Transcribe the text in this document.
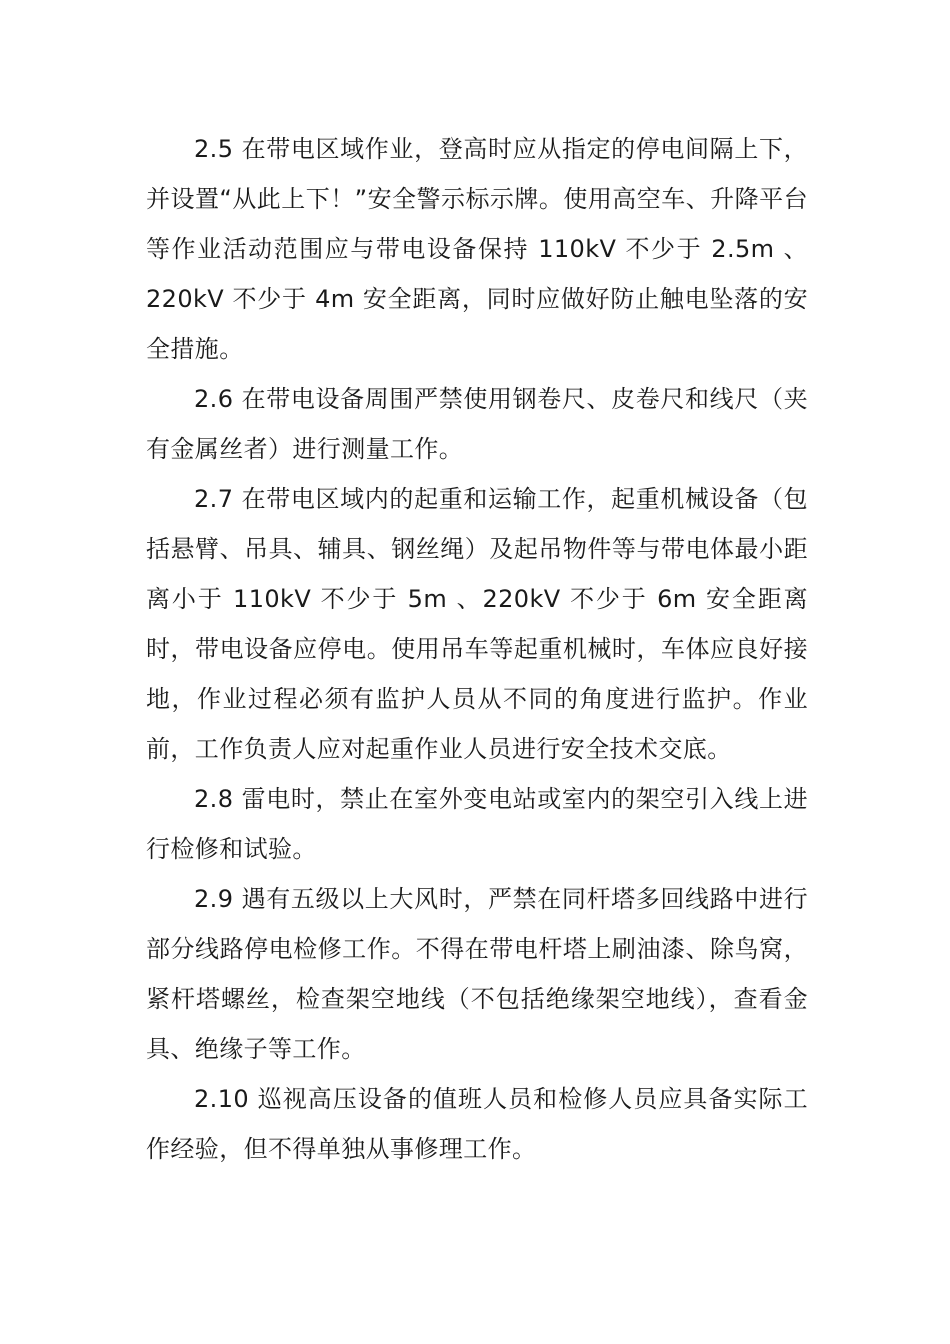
2.5 在带电区域作业，登高时应从指定的停电间隔上下，并设置“从此上下！”安全警示标示牌。使用高空车、升降平台等作业活动范围应与带电设备保持 110kV 不少于 2.5m 、220kV 不少于 4m 安全距离，同时应做好防止触电坠落的安全措施。

2.6 在带电设备周围严禁使用钢卷尺、皮卷尺和线尺（夹有金属丝者）进行测量工作。

2.7 在带电区域内的起重和运输工作，起重机械设备（包括悬臂、吊具、辅具、钢丝绳）及起吊物件等与带电体最小距离小于 110kV 不少于 5m 、220kV 不少于 6m 安全距离时，带电设备应停电。使用吊车等起重机械时，车体应良好接地，作业过程必须有监护人员从不同的角度进行监护。作业前，工作负责人应对起重作业人员进行安全技术交底。

2.8 雷电时，禁止在室外变电站或室内的架空引入线上进行检修和试验。

2.9 遇有五级以上大风时，严禁在同杆塔多回线路中进行部分线路停电检修工作。不得在带电杆塔上刷油漆、除鸟窝，紧杆塔螺丝，检查架空地线（不包括绝缘架空地线），查看金具、绝缘子等工作。

2.10 巡视高压设备的值班人员和检修人员应具备实际工作经验，但不得单独从事修理工作。
